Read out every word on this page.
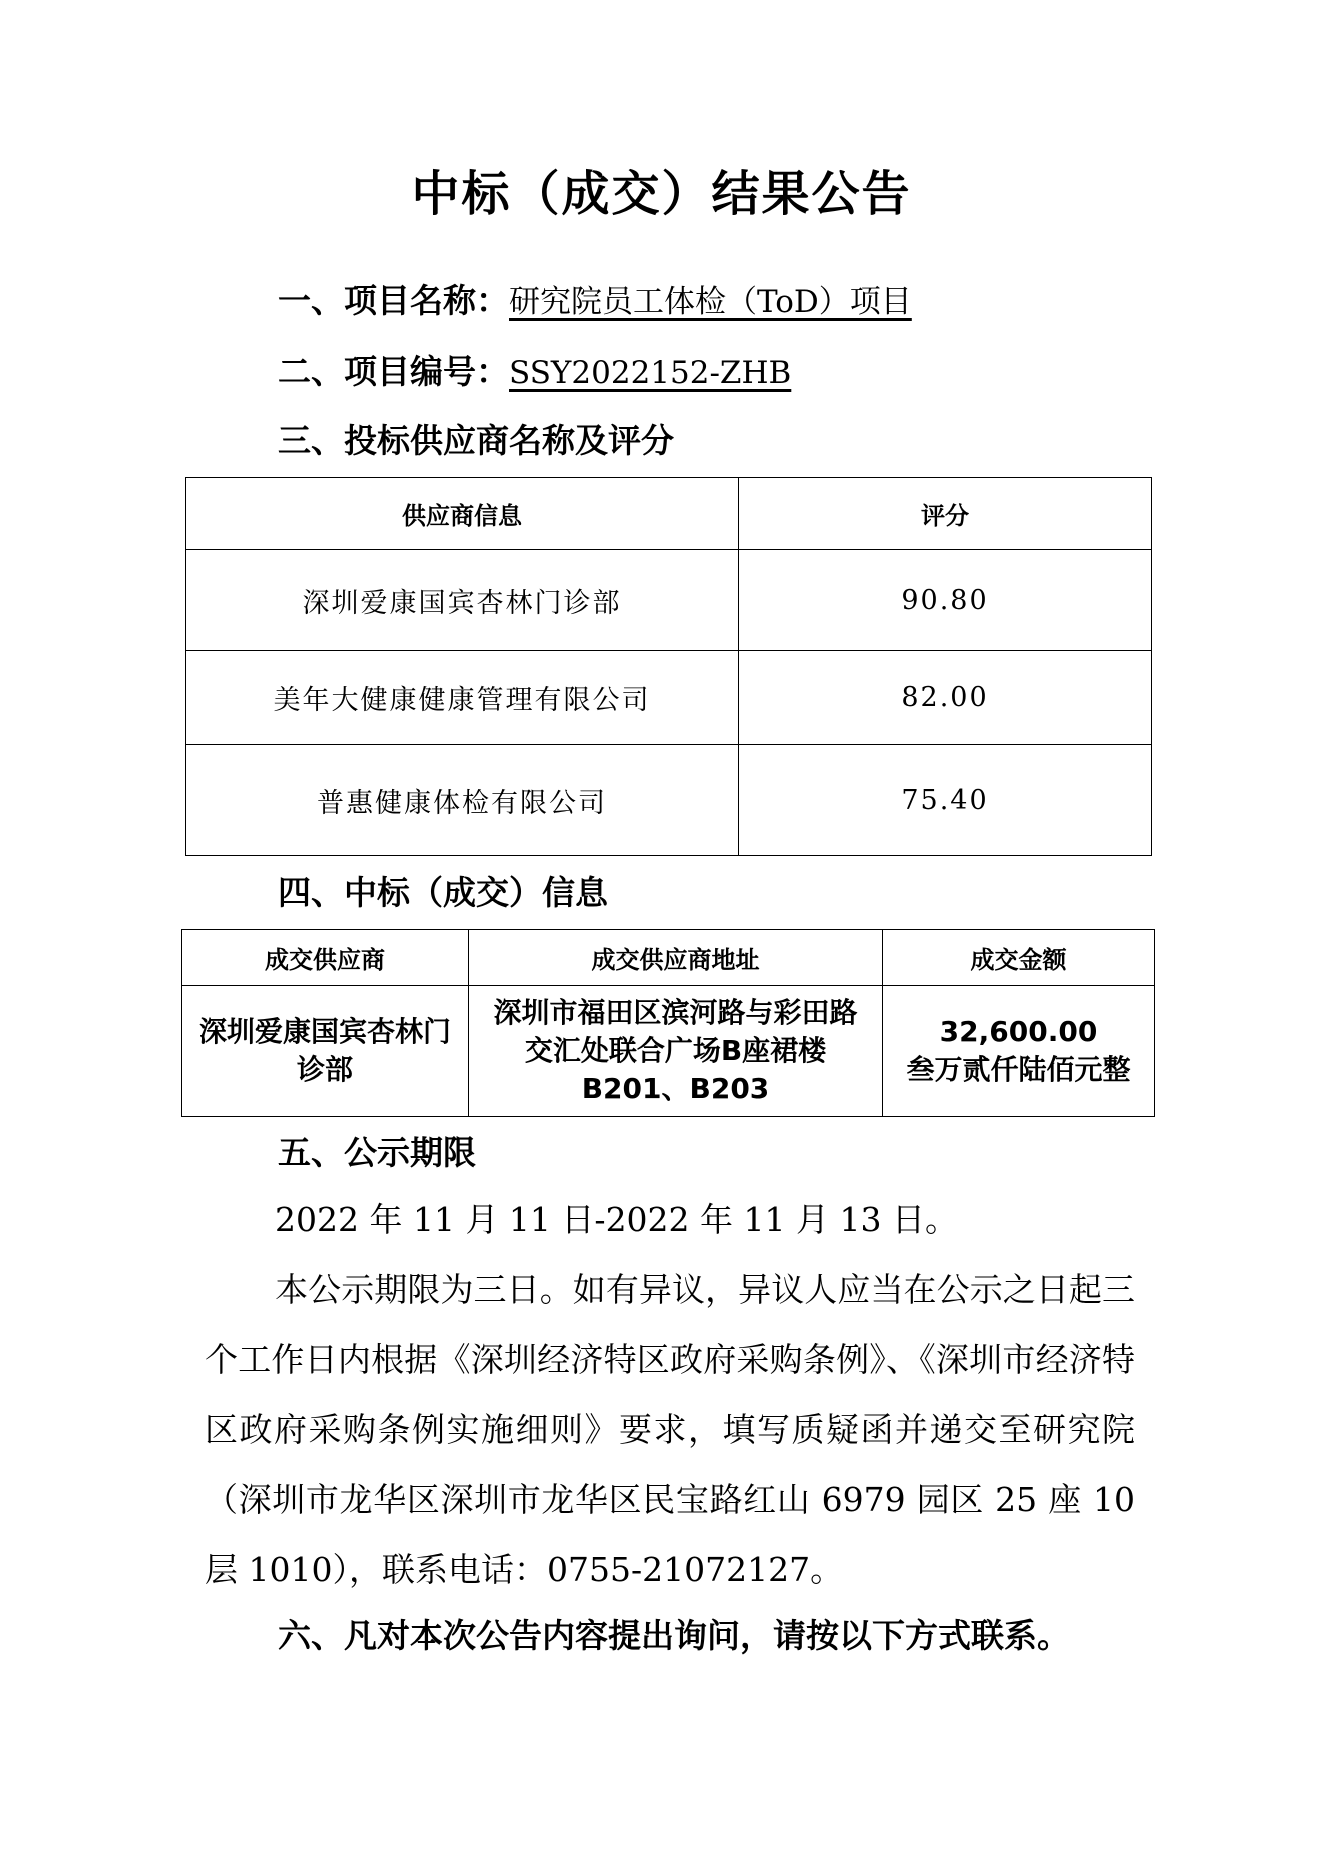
中标（成交）结果公告
一、项目名称：研究院员工体检（ToD）项目
二、项目编号：SSY2022152-ZHB
三、投标供应商名称及评分
供应商信息	评分
深圳爱康国宾杏林门诊部	90.80
美年大健康健康管理有限公司	82.00
普惠健康体检有限公司	75.40
四、中标（成交）信息
成交供应商	成交供应商地址	成交金额
深圳爱康国宾杏林门诊部	深圳市福田区滨河路与彩田路交汇处联合广场B座裙楼B201、B203	32,600.00
叁万贰仟陆佰元整
五、公示期限
2022 年 11 月 11 日-2022 年 11 月 13 日。
本公示期限为三日。如有异议，异议人应当在公示之日起三个工作日内根据《深圳经济特区政府采购条例》、《深圳市经济特区政府采购条例实施细则》要求，填写质疑函并递交至研究院（深圳市龙华区深圳市龙华区民宝路红山 6979 园区 25 座 10 层 1010），联系电话：0755-21072127。
六、凡对本次公告内容提出询问，请按以下方式联系。
